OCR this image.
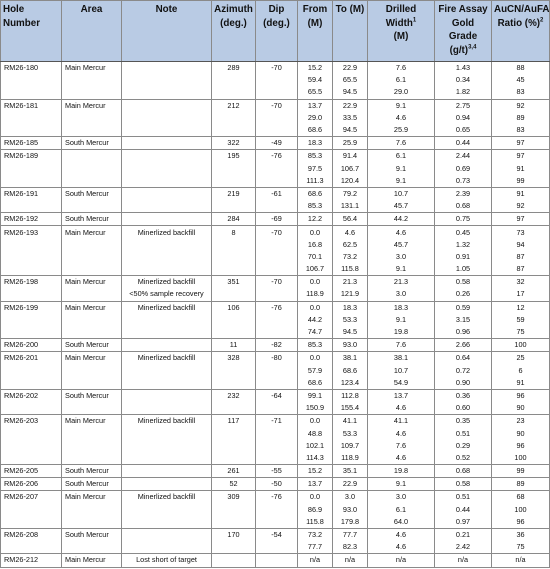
Hole Number	Area	Note	Azimuth (deg.)	Dip (deg.)	From (M)	To (M)	Drilled Width$^1$
(M)	Fire Assay Gold Grade $(g/t)^{3,4}$	AuCN/AuFA Ratio (%)$^2$
RM26-180	Main Mercur		289	-70	15.2	22.9	7.6	1.43	88
					59.4	65.5	6.1	0.34	45
					65.5	94.5	29.0	1.82	83
RM26-181	Main Mercur		212	-70	13.7	22.9	9.1	2.75	92
					29.0	33.5	4.6	0.94	89
					68.6	94.5	25.9	0.65	83
RM26-185	South Mercur		322	-49	18.3	25.9	7.6	0.44	97
RM26-189			195	-76	85.3	91.4	6.1	2.44	97
					97.5	106.7	9.1	0.69	91
					111.3	120.4	9.1	0.73	99
RM26-191	South Mercur		219	-61	68.6	79.2	10.7	2.39	91
					85.3	131.1	45.7	0.68	92
RM26-192	South Mercur		284	-69	12.2	56.4	44.2	0.75	97
RM26-193	Main Mercur	Minerlized backfill	8	-70	0.0	4.6	4.6	0.45	73
					16.8	62.5	45.7	1.32	94
					70.1	73.2	3.0	0.91	87
					106.7	115.8	9.1	1.05	87
RM26-198	Main Mercur	Minerlized backfill	351	-70	0.0	21.3	21.3	0.58	32
		<50% sample recovery			118.9	121.9	3.0	0.26	17
RM26-199	Main Mercur	Minerlized backfill	106	-76	0.0	18.3	18.3	0.59	12
					44.2	53.3	9.1	3.15	59
					74.7	94.5	19.8	0.96	75
RM26-200	South Mercur		11	-82	85.3	93.0	7.6	2.66	100
RM26-201	Main Mercur	Minerlized backfill	328	-80	0.0	38.1	38.1	0.64	25
					57.9	68.6	10.7	0.72	6
					68.6	123.4	54.9	0.90	91
RM26-202	South Mercur		232	-64	99.1	112.8	13.7	0.36	96
					150.9	155.4	4.6	0.60	90
RM26-203	Main Mercur	Minerlized backfill	117	-71	0.0	41.1	41.1	0.35	23
					48.8	53.3	4.6	0.51	90
					102.1	109.7	7.6	0.29	96
					114.3	118.9	4.6	0.52	100
RM26-205	South Mercur		261	-55	15.2	35.1	19.8	0.68	99
RM26-206	South Mercur		52	-50	13.7	22.9	9.1	0.58	89
RM26-207	Main Mercur	Minerlized backfill	309	-76	0.0	3.0	3.0	0.51	68
					86.9	93.0	6.1	0.44	100
					115.8	179.8	64.0	0.97	96
RM26-208	South Mercur		170	-54	73.2	77.7	4.6	0.21	36
					77.7	82.3	4.6	2.42	75
RM26-212	Main Mercur	Lost short of target			n/a	n/a	n/a	n/a	n/a
